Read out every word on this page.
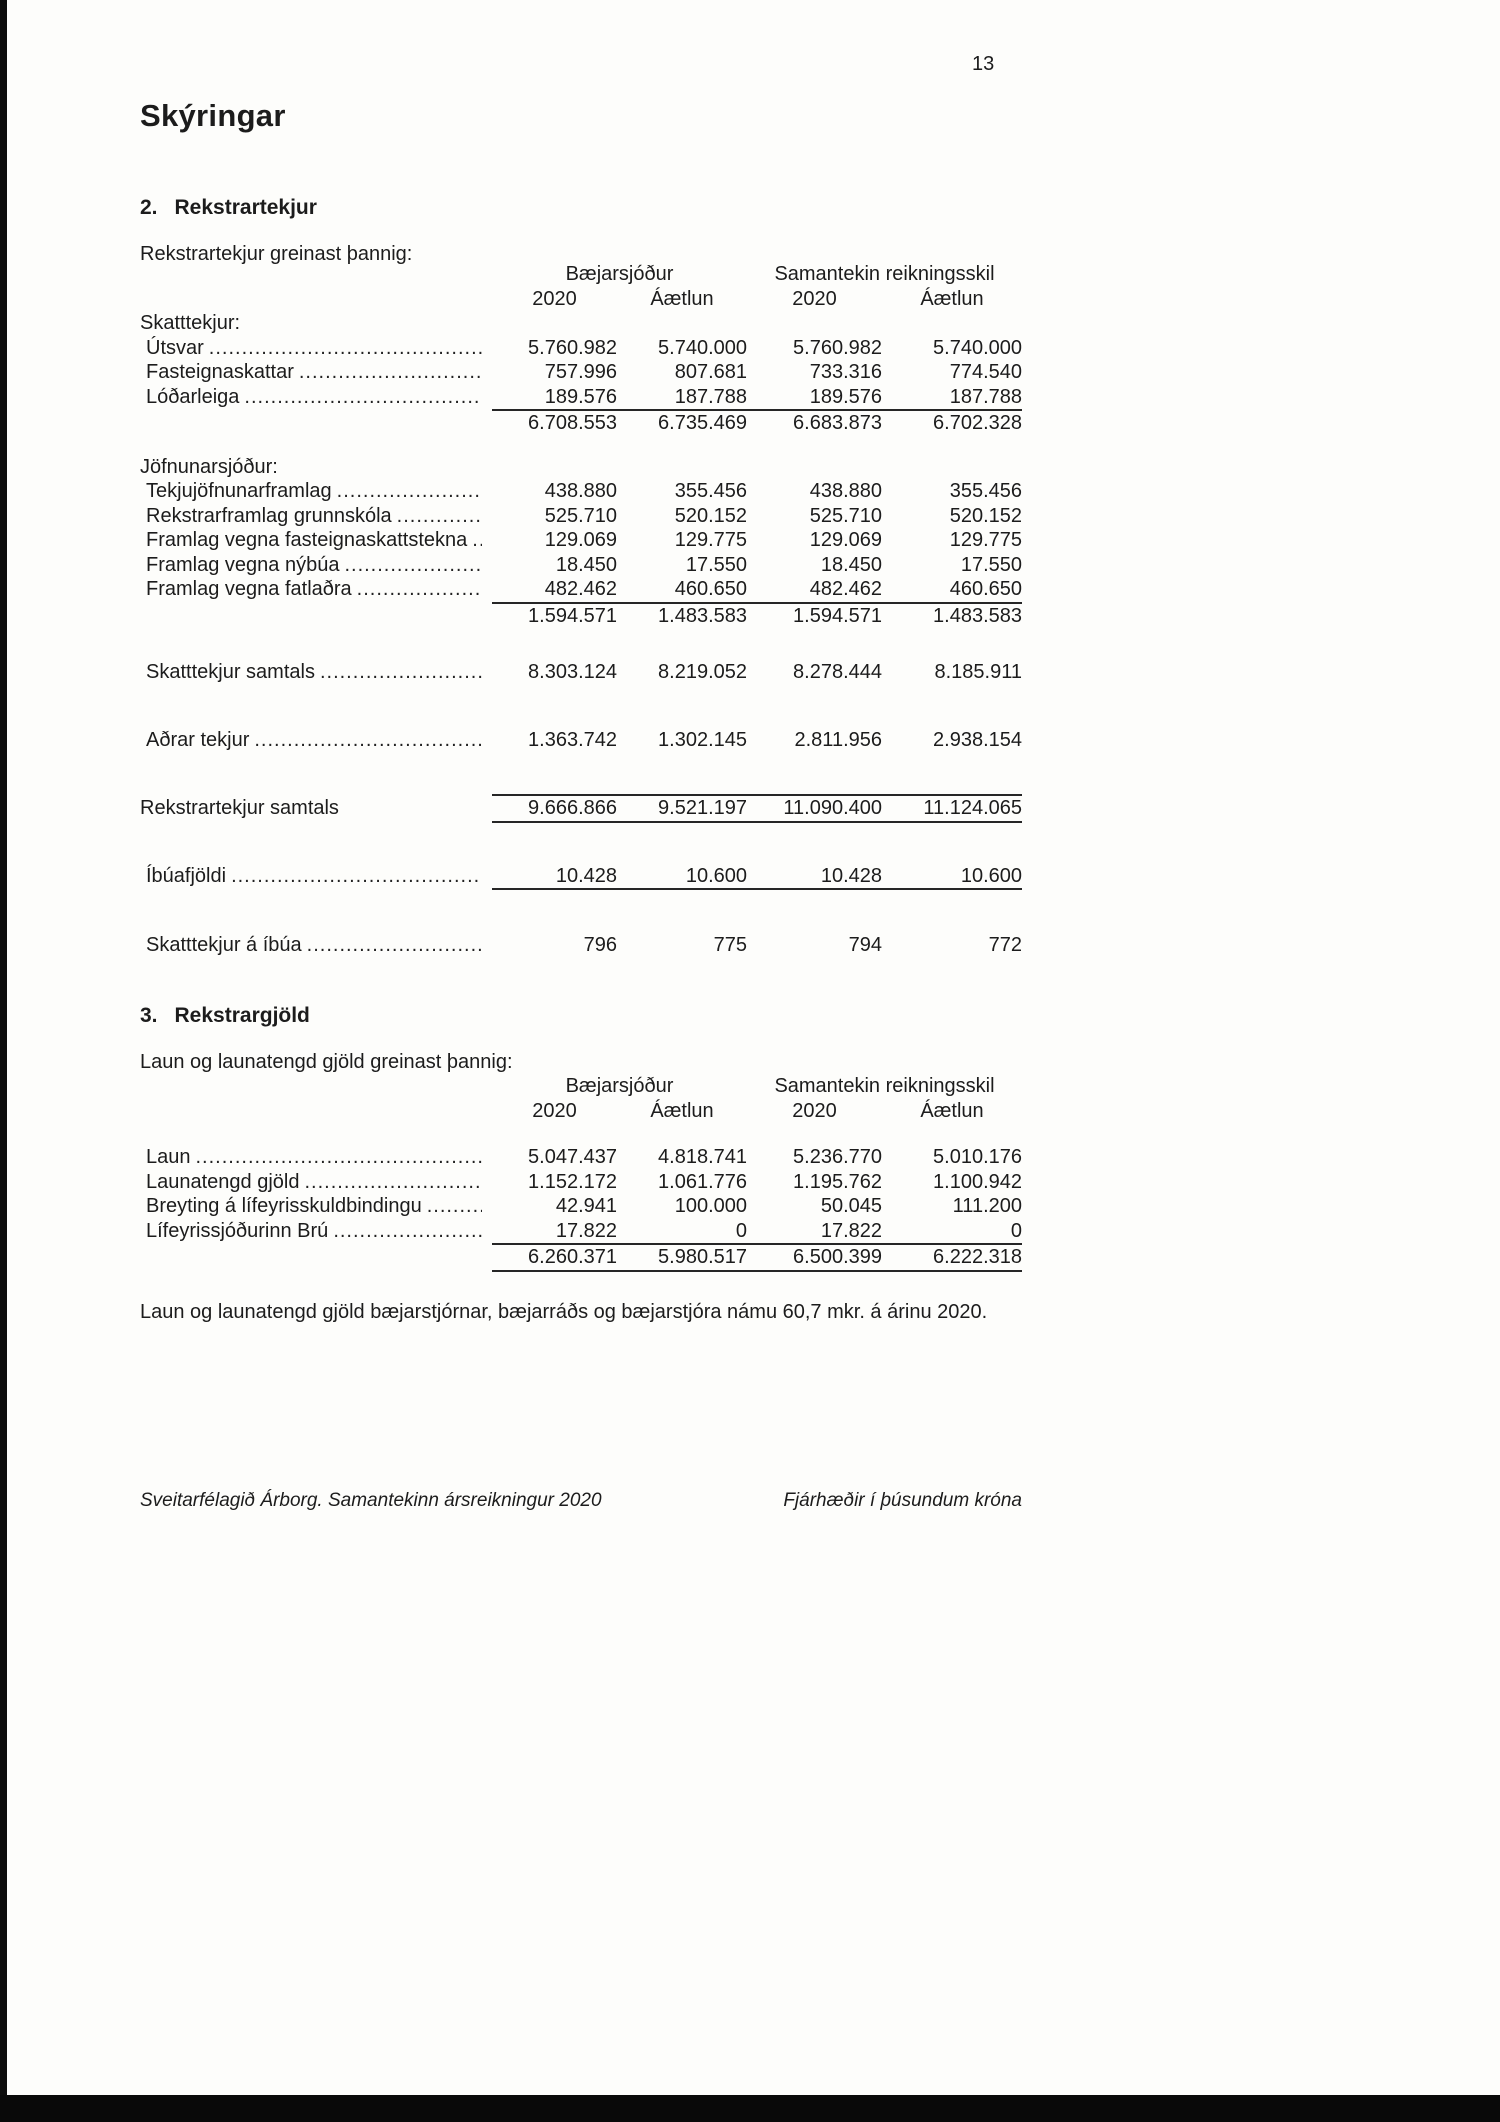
13
Skýringar
2. Rekstrartekjur
Rekstrartekjur greinast þannig:
Bæjarsjóður	Samantekin reikningsskil
2020	Áætlun	2020	Áætlun
Skatttekjur:
Útsvar .....	5.760.982	5.740.000	5.760.982	5.740.000
Fasteignaskattar .....	757.996	807.681	733.316	774.540
Lóðarleiga .....	189.576	187.788	189.576	187.788
6.708.553	6.735.469	6.683.873	6.702.328
Jöfnunarsjóður:
Tekjujöfnunarframlag .....	438.880	355.456	438.880	355.456
Rekstrarframlag grunnskóla .....	525.710	520.152	525.710	520.152
Framlag vegna fasteignaskattstekna .....	129.069	129.775	129.069	129.775
Framlag vegna nýbúa .....	18.450	17.550	18.450	17.550
Framlag vegna fatlaðra .....	482.462	460.650	482.462	460.650
1.594.571	1.483.583	1.594.571	1.483.583
Skatttekjur samtals .....	8.303.124	8.219.052	8.278.444	8.185.911
Aðrar tekjur .....	1.363.742	1.302.145	2.811.956	2.938.154
Rekstrartekjur samtals	9.666.866	9.521.197	11.090.400	11.124.065
Íbúafjöldi .....	10.428	10.600	10.428	10.600
Skatttekjur á íbúa .....	796	775	794	772
3. Rekstrargjöld
Laun og launatengd gjöld greinast þannig:
Bæjarsjóður	Samantekin reikningsskil
2020	Áætlun	2020	Áætlun
Laun .....	5.047.437	4.818.741	5.236.770	5.010.176
Launatengd gjöld .....	1.152.172	1.061.776	1.195.762	1.100.942
Breyting á lífeyrisskuldbindingu .....	42.941	100.000	50.045	111.200
Lífeyrissjóðurinn Brú .....	17.822	0	17.822	0
6.260.371	5.980.517	6.500.399	6.222.318
Laun og launatengd gjöld bæjarstjórnar, bæjarráðs og bæjarstjóra námu 60,7 mkr. á árinu 2020.
Sveitarfélagið Árborg. Samantekinn ársreikningur 2020	Fjárhæðir í þúsundum króna
